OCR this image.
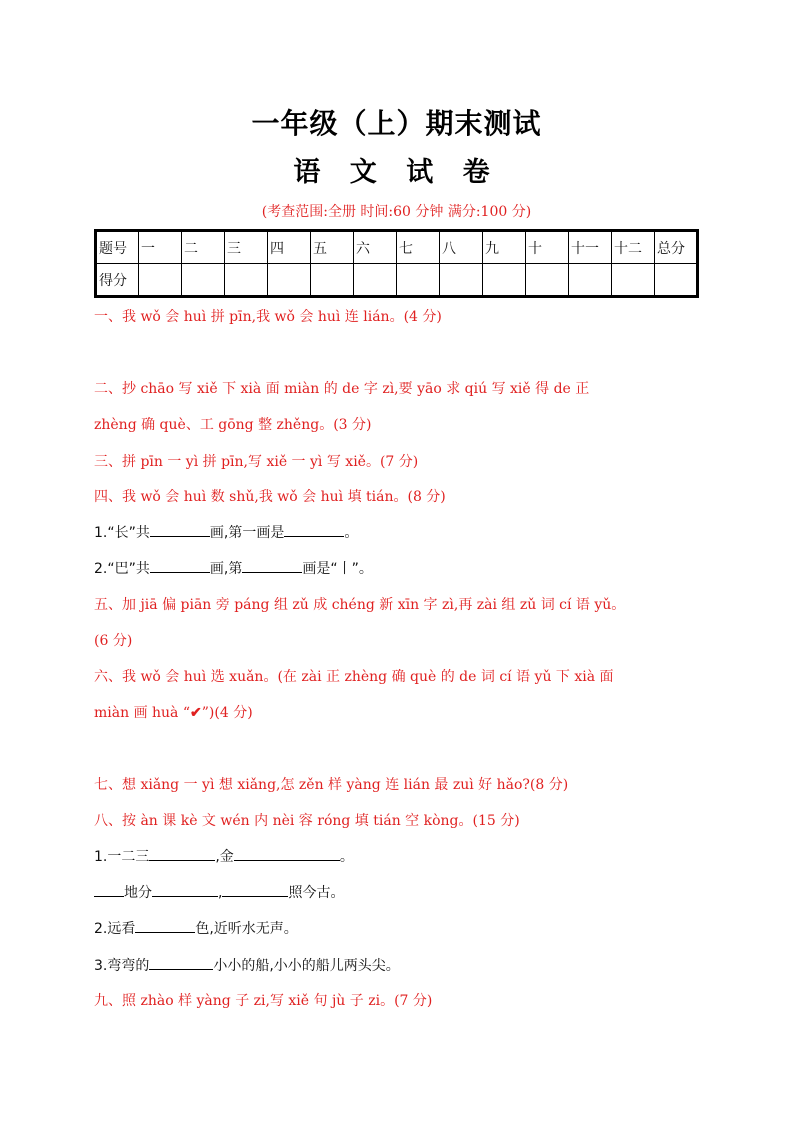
一年级（上）期末测试
语 文 试 卷
(考查范围:全册 时间:60 分钟 满分:100 分)
题号	一	二	三	四	五	六	七	八	九	十	十一	十二	总分
得分													
一、我 wǒ 会 huì 拼 pīn,我 wǒ 会 huì 连 lián。(4 分)
二、抄 chāo 写 xiě 下 xià 面 miàn 的 de 字 zì,要 yāo 求 qiú 写 xiě 得 de 正
zhèng 确 què、工 gōng 整 zhěng。(3 分)
三、拼 pīn 一 yì 拼 pīn,写 xiě 一 yì 写 xiě。(7 分)
四、我 wǒ 会 huì 数 shǔ,我 wǒ 会 huì 填 tián。(8 分)
1.“长”共	画,第一画是	。
2.“巴”共	画,第	画是“丨”。
五、加 jiā 偏 piān 旁 páng 组 zǔ 成 chéng 新 xīn 字 zì,再 zài 组 zǔ 词 cí 语 yǔ。
(6 分)
六、我 wǒ 会 huì 选 xuǎn。(在 zài 正 zhèng 确 què 的 de 词 cí 语 yǔ 下 xià 面
miàn 画 huà “✔”)(4 分)
七、想 xiǎng 一 yì 想 xiǎng,怎 zěn 样 yàng 连 lián 最 zuì 好 hǎo?(8 分)
八、按 àn 课 kè 文 wén 内 nèi 容 róng 填 tián 空 kòng。(15 分)
1.一二三	,金	。
地分	,	照今古。
2.远看	色,近听水无声。
3.弯弯的	小小的船,小小的船儿两头尖。
九、照 zhào 样 yàng 子 zi,写 xiě 句 jù 子 zi。(7 分)
